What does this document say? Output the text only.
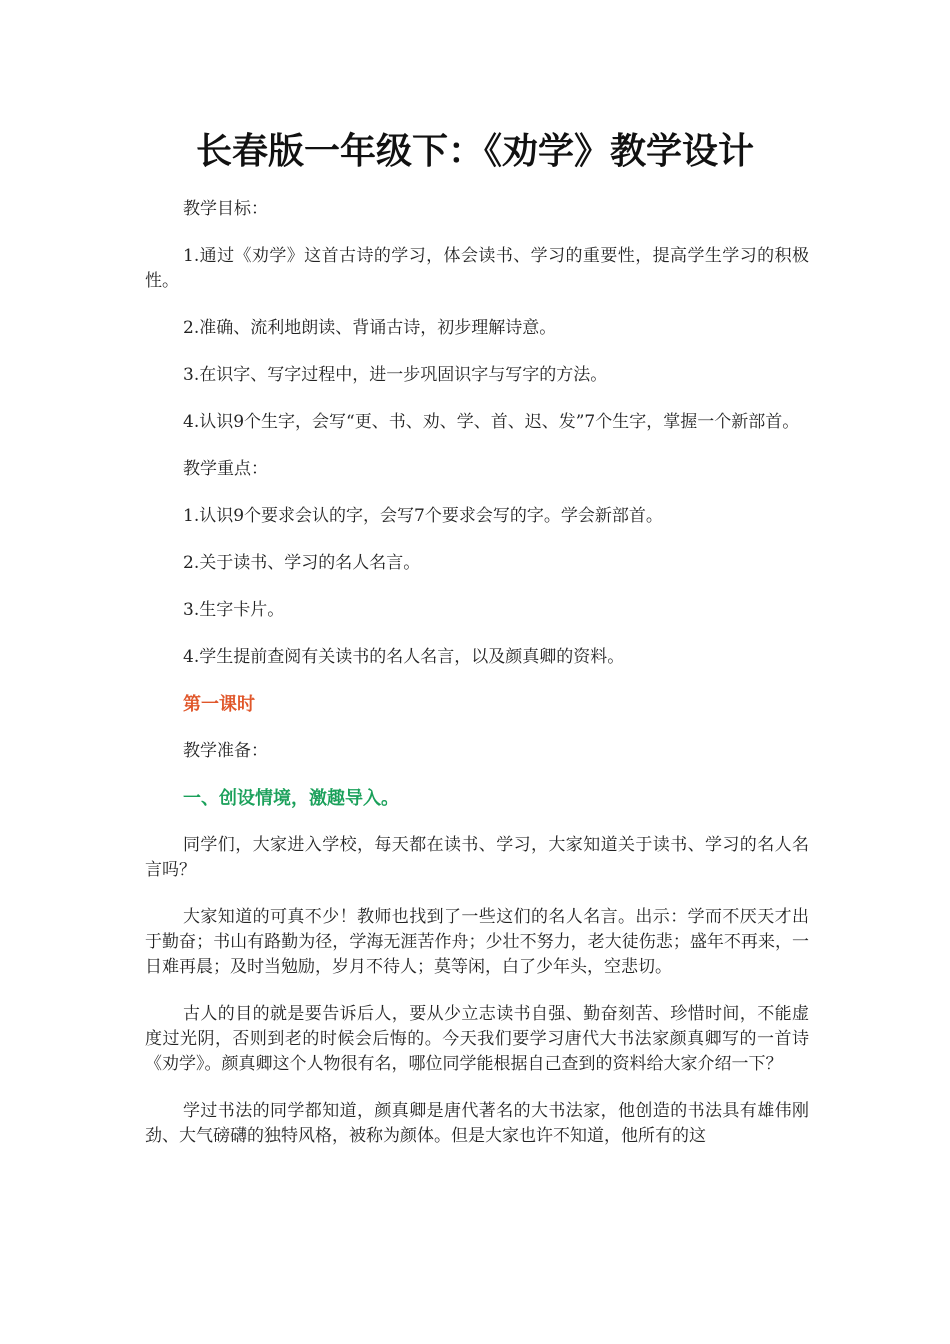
长春版一年级下：《劝学》教学设计

教学目标：

1.通过《劝学》这首古诗的学习，体会读书、学习的重要性，提高学生学习的积极性。

2.准确、流利地朗读、背诵古诗，初步理解诗意。

3.在识字、写字过程中，进一步巩固识字与写字的方法。

4.认识9个生字，会写“更、书、劝、学、首、迟、发”7个生字，掌握一个新部首。

教学重点：

1.认识9个要求会认的字，会写7个要求会写的字。学会新部首。

2.关于读书、学习的名人名言。

3.生字卡片。

4.学生提前查阅有关读书的名人名言，以及颜真卿的资料。

第一课时

教学准备：

一、创设情境，激趣导入。

同学们，大家进入学校，每天都在读书、学习，大家知道关于读书、学习的名人名言吗？

大家知道的可真不少！教师也找到了一些这们的名人名言。出示：学而不厌天才出于勤奋；书山有路勤为径，学海无涯苦作舟；少壮不努力，老大徒伤悲；盛年不再来，一日难再晨；及时当勉励，岁月不待人；莫等闲，白了少年头，空悲切。

古人的目的就是要告诉后人，要从少立志读书自强、勤奋刻苦、珍惜时间，不能虚度过光阴，否则到老的时候会后悔的。今天我们要学习唐代大书法家颜真卿写的一首诗《劝学》。颜真卿这个人物很有名，哪位同学能根据自己查到的资料给大家介绍一下？

学过书法的同学都知道，颜真卿是唐代著名的大书法家，他创造的书法具有雄伟刚劲、大气磅礴的独特风格，被称为颜体。但是大家也许不知道，他所有的这
